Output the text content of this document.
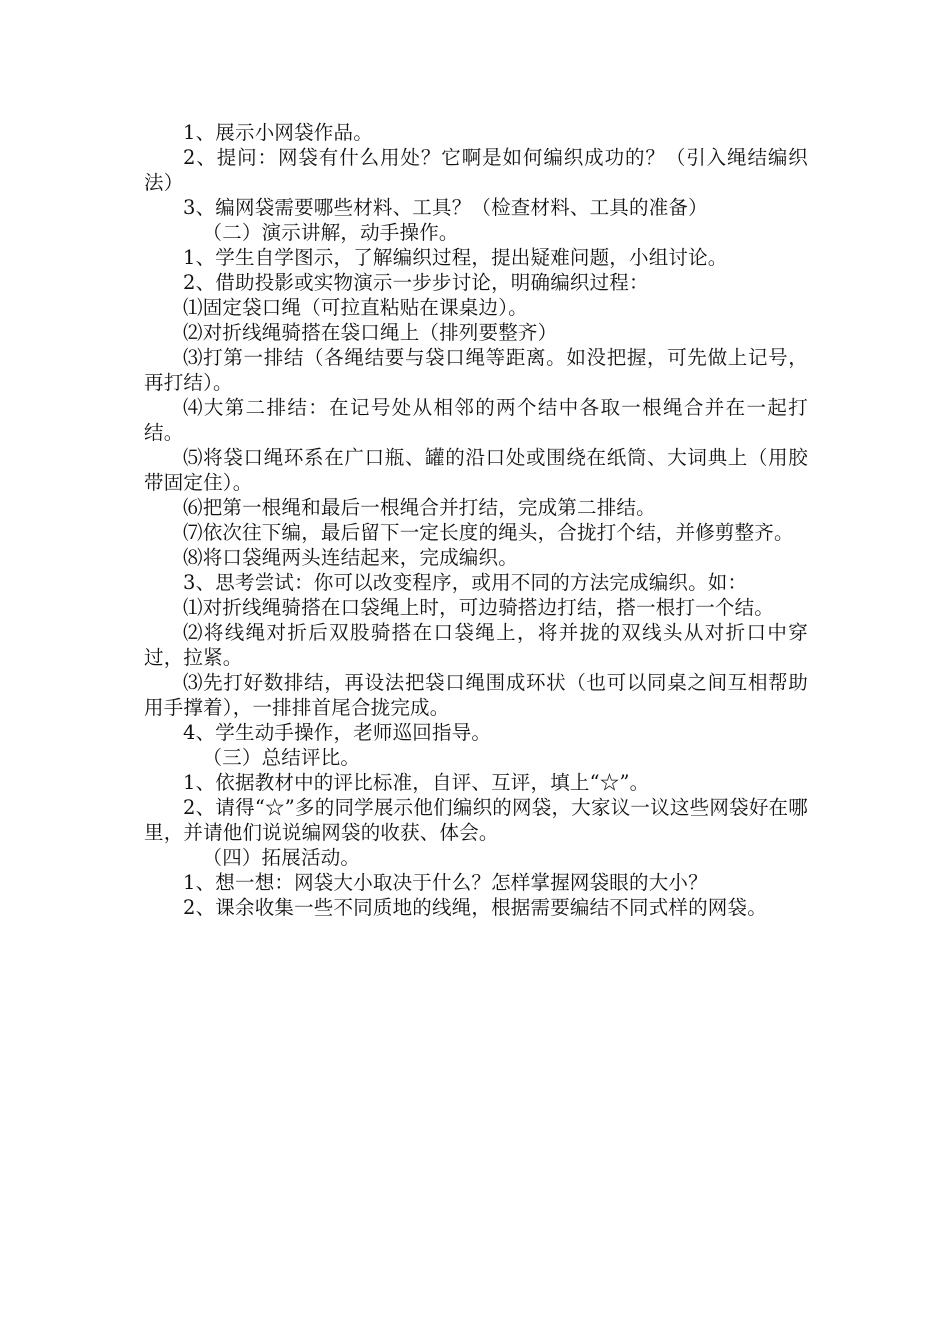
1、展示小网袋作品。

2、提问：网袋有什么用处？它啊是如何编织成功的？（引入绳结编织法）

3、编网袋需要哪些材料、工具？（检查材料、工具的准备）

（二）演示讲解，动手操作。

1、学生自学图示，了解编织过程，提出疑难问题，小组讨论。

2、借助投影或实物演示一步步讨论，明确编织过程：

⑴固定袋口绳（可拉直粘贴在课桌边）。

⑵对折线绳骑搭在袋口绳上（排列要整齐）

⑶打第一排结（各绳结要与袋口绳等距离。如没把握，可先做上记号，再打结）。

⑷大第二排结：在记号处从相邻的两个结中各取一根绳合并在一起打结。

⑸将袋口绳环系在广口瓶、罐的沿口处或围绕在纸筒、大词典上（用胶带固定住）。

⑹把第一根绳和最后一根绳合并打结，完成第二排结。

⑺依次往下编，最后留下一定长度的绳头，合拢打个结，并修剪整齐。

⑻将口袋绳两头连结起来，完成编织。

3、思考尝试：你可以改变程序，或用不同的方法完成编织。如：

⑴对折线绳骑搭在口袋绳上时，可边骑搭边打结，搭一根打一个结。

⑵将线绳对折后双股骑搭在口袋绳上，将并拢的双线头从对折口中穿过，拉紧。

⑶先打好数排结，再设法把袋口绳围成环状（也可以同桌之间互相帮助用手撑着），一排排首尾合拢完成。

4、学生动手操作，老师巡回指导。

（三）总结评比。

1、依据教材中的评比标准，自评、互评，填上“☆”。

2、请得“☆”多的同学展示他们编织的网袋，大家议一议这些网袋好在哪里，并请他们说说编网袋的收获、体会。

（四）拓展活动。

1、想一想：网袋大小取决于什么？怎样掌握网袋眼的大小？

2、课余收集一些不同质地的线绳，根据需要编结不同式样的网袋。
